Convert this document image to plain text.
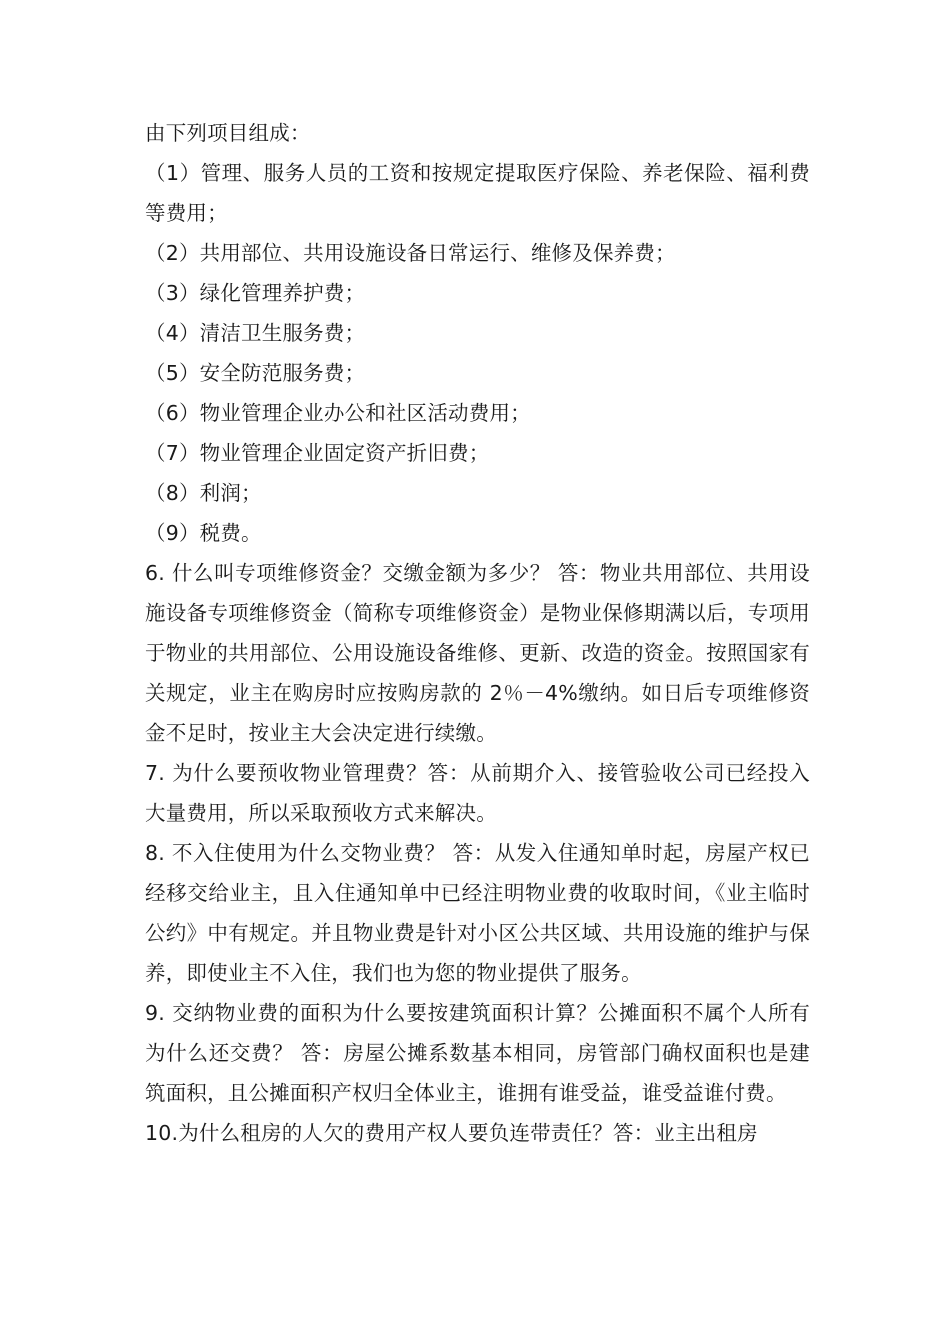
由下列项目组成：

（1）管理、服务人员的工资和按规定提取医疗保险、养老保险、福利费等费用；

（2）共用部位、共用设施设备日常运行、维修及保养费；

（3）绿化管理养护费；

（4）清洁卫生服务费；

（5）安全防范服务费；

（6）物业管理企业办公和社区活动费用；

（7）物业管理企业固定资产折旧费；

（8）利润；

（9）税费。

6. 什么叫专项维修资金？交缴金额为多少？ 答：物业共用部位、共用设施设备专项维修资金（简称专项维修资金）是物业保修期满以后，专项用于物业的共用部位、公用设施设备维修、更新、改造的资金。按照国家有关规定，业主在购房时应按购房款的 2％－4%缴纳。如日后专项维修资金不足时，按业主大会决定进行续缴。

7. 为什么要预收物业管理费？答：从前期介入、接管验收公司已经投入大量费用，所以采取预收方式来解决。

8. 不入住使用为什么交物业费？ 答：从发入住通知单时起，房屋产权已经移交给业主，且入住通知单中已经注明物业费的收取时间，《业主临时公约》中有规定。并且物业费是针对小区公共区域、共用设施的维护与保养，即使业主不入住，我们也为您的物业提供了服务。

9. 交纳物业费的面积为什么要按建筑面积计算？公摊面积不属个人所有为什么还交费？ 答：房屋公摊系数基本相同，房管部门确权面积也是建筑面积，且公摊面积产权归全体业主，谁拥有谁受益，谁受益谁付费。

10.为什么租房的人欠的费用产权人要负连带责任？答：业主出租房
